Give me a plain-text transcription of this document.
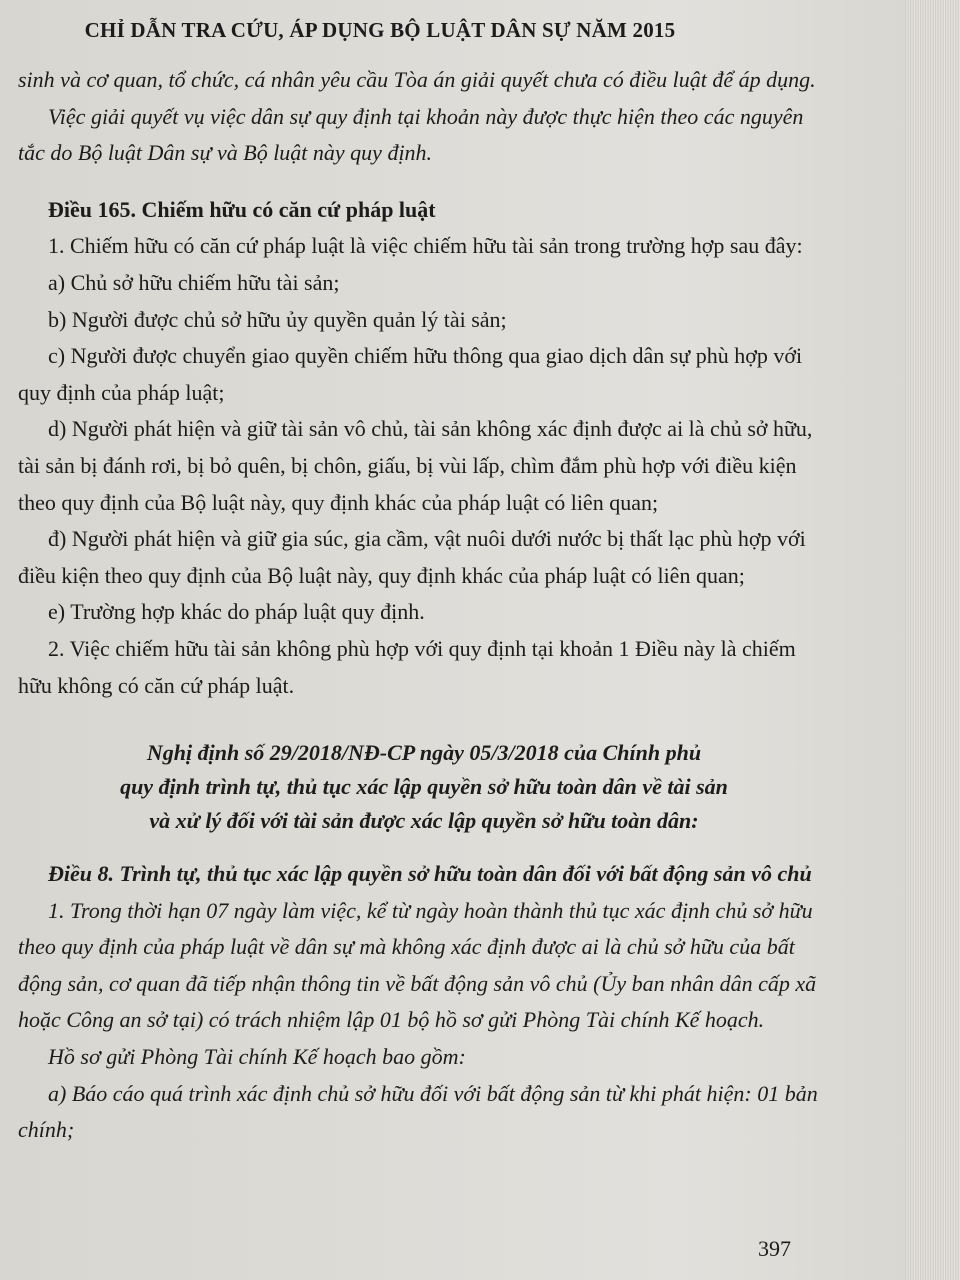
CHỈ DẪN TRA CỨU, ÁP DỤNG BỘ LUẬT DÂN SỰ NĂM 2015

sinh và cơ quan, tổ chức, cá nhân yêu cầu Tòa án giải quyết chưa có điều luật để áp dụng.

Việc giải quyết vụ việc dân sự quy định tại khoản này được thực hiện theo các nguyên tắc do Bộ luật Dân sự và Bộ luật này quy định.

Điều 165. Chiếm hữu có căn cứ pháp luật

1. Chiếm hữu có căn cứ pháp luật là việc chiếm hữu tài sản trong trường hợp sau đây:

a) Chủ sở hữu chiếm hữu tài sản;

b) Người được chủ sở hữu ủy quyền quản lý tài sản;

c) Người được chuyển giao quyền chiếm hữu thông qua giao dịch dân sự phù hợp với quy định của pháp luật;

d) Người phát hiện và giữ tài sản vô chủ, tài sản không xác định được ai là chủ sở hữu, tài sản bị đánh rơi, bị bỏ quên, bị chôn, giấu, bị vùi lấp, chìm đắm phù hợp với điều kiện theo quy định của Bộ luật này, quy định khác của pháp luật có liên quan;

đ) Người phát hiện và giữ gia súc, gia cầm, vật nuôi dưới nước bị thất lạc phù hợp với điều kiện theo quy định của Bộ luật này, quy định khác của pháp luật có liên quan;

e) Trường hợp khác do pháp luật quy định.

2. Việc chiếm hữu tài sản không phù hợp với quy định tại khoản 1 Điều này là chiếm hữu không có căn cứ pháp luật.

Nghị định số 29/2018/NĐ-CP ngày 05/3/2018 của Chính phủ
quy định trình tự, thủ tục xác lập quyền sở hữu toàn dân về tài sản
và xử lý đối với tài sản được xác lập quyền sở hữu toàn dân:

Điều 8. Trình tự, thủ tục xác lập quyền sở hữu toàn dân đối với bất động sản vô chủ

1. Trong thời hạn 07 ngày làm việc, kể từ ngày hoàn thành thủ tục xác định chủ sở hữu theo quy định của pháp luật về dân sự mà không xác định được ai là chủ sở hữu của bất động sản, cơ quan đã tiếp nhận thông tin về bất động sản vô chủ (Ủy ban nhân dân cấp xã hoặc Công an sở tại) có trách nhiệm lập 01 bộ hồ sơ gửi Phòng Tài chính Kế hoạch.

Hồ sơ gửi Phòng Tài chính Kế hoạch bao gồm:

a) Báo cáo quá trình xác định chủ sở hữu đối với bất động sản từ khi phát hiện: 01 bản chính;

397
